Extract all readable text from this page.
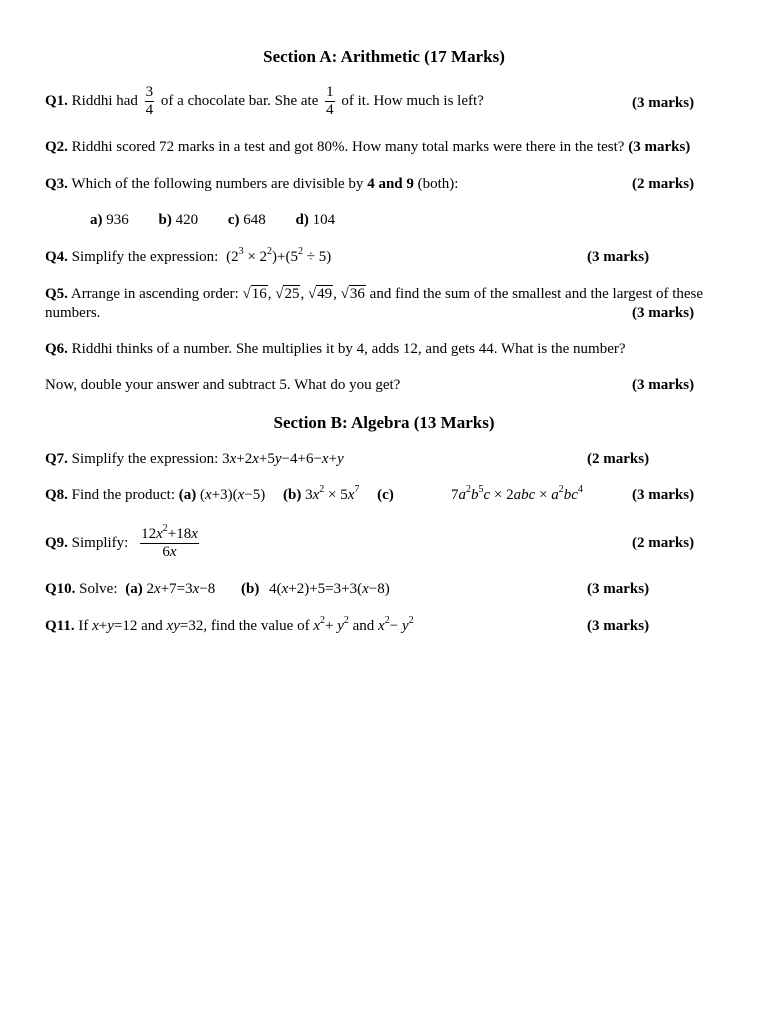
Section A: Arithmetic (17 Marks)
Q1. Riddhi had $\frac{3}{4}$ of a chocolate bar. She ate $\frac{1}{4}$ of it. How much is left?	(3 marks)
Q2. Riddhi scored 72 marks in a test and got 80%. How many total marks were there in the test? (3 marks)
Q3. Which of the following numbers are divisible by 4 and 9 (both):	(2 marks)
a) 936 b) 420 c) 648 d) 104
Q4. Simplify the expression: $(2^3 \times 2^2)+(5^2 \div 5)$	(3 marks)
Q5. Arrange in ascending order: √16, √25, √49, √36 and find the sum of the smallest and the largest of these
numbers.	(3 marks)
Q6. Riddhi thinks of a number. She multiplies it by 4, adds 12, and gets 44. What is the number?
Now, double your answer and subtract 5. What do you get?	(3 marks)
Section B: Algebra (13 Marks)
Q7. Simplify the expression: 3x+2x+5y−4+6−x+y	(2 marks)
Q8. Find the product: (a) (x+3)(x−5) (b) $3x^2 \times 5x^7$ (c)	$7a^2b^5c \times 2abc \times a^2bc^4$	(3 marks)
Q9. Simplify: $\frac{12x^2+18x}{6x}$	(2 marks)
Q10. Solve: (a) 2x+7=3x−8 (b) 4(x+2)+5=3+3(x−8)	(3 marks)
Q11. If x+y=12 and xy=32, find the value of $x^2+ y^2$ and $x^2- y^2$	(3 marks)
